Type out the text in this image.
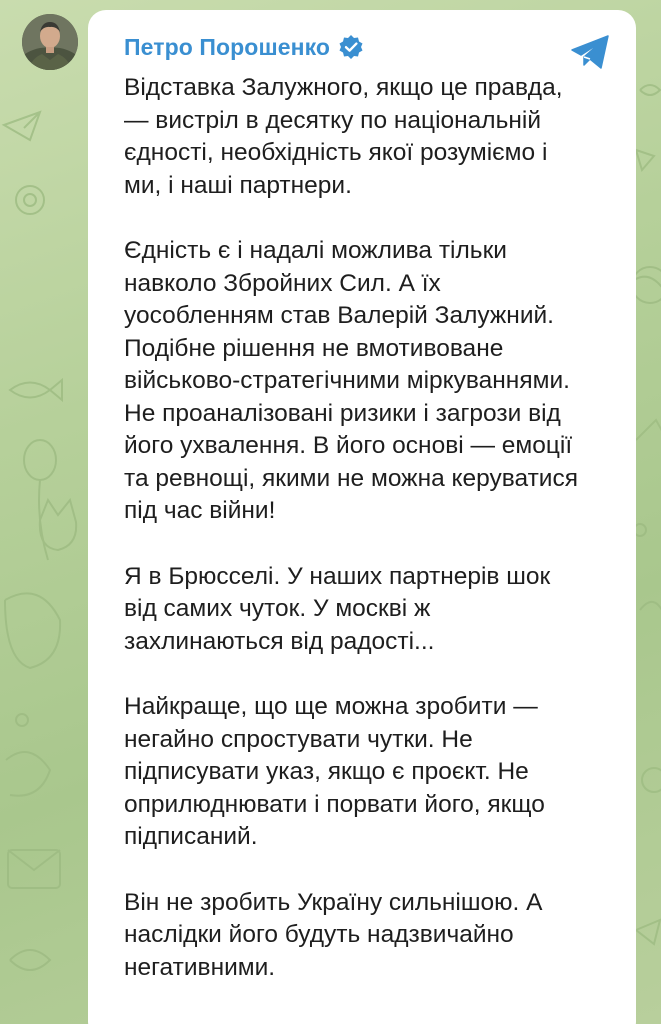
Петро Порошенко

Відставка Залужного, якщо це правда,
— вистріл в десятку по національній
єдності, необхідність якої розуміємо і
ми, і наші партнери.

Єдність є і надалі можлива тільки
навколо Збройних Сил. А їх
уособленням став Валерій Залужний.
Подібне рішення не вмотивоване
військово-стратегічними міркуваннями.
Не проаналізовані ризики і загрози від
його ухвалення. В його основі — емоції
та ревнощі, якими не можна керуватися
під час війни!

Я в Брюсселі. У наших партнерів шок
від самих чуток. У москві ж
захлинаються від радості...

Найкраще, що ще можна зробити —
негайно спростувати чутки. Не
підписувати указ, якщо є проєкт. Не
оприлюднювати і порвати його, якщо
підписаний.

Він не зробить Україну сильнішою. А
наслідки його будуть надзвичайно
негативними.
